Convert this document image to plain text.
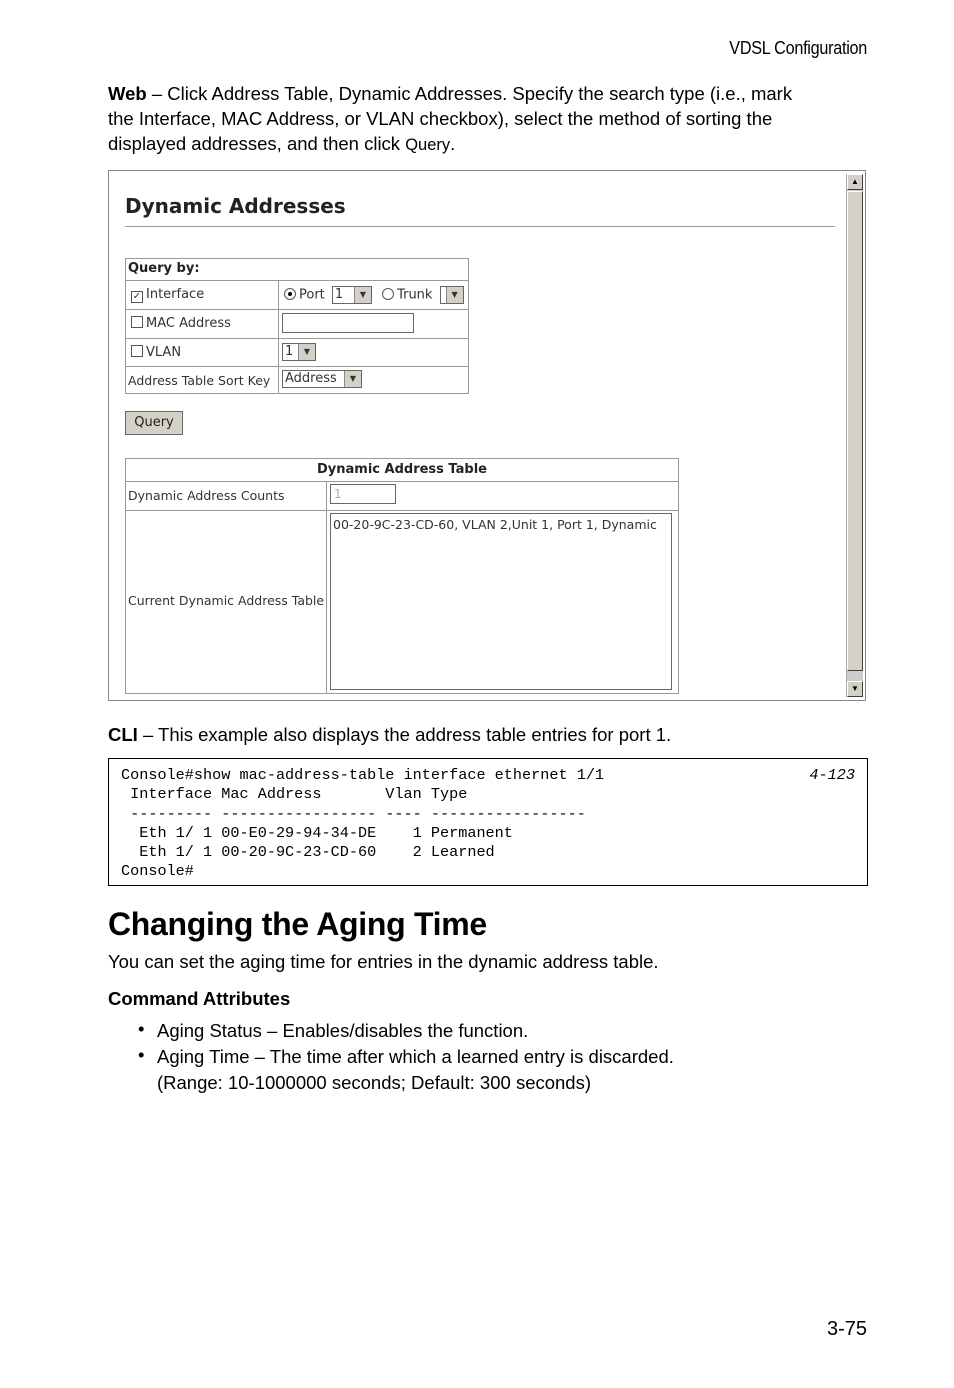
VDSL Configuration
Web – Click Address Table, Dynamic Addresses. Specify the search type (i.e., mark
the Interface, MAC Address, or VLAN checkbox), select the method of sorting the
displayed addresses, and then click Query.
Dynamic Addresses
Query by:
✓ Interface	Port 1	▼	Trunk	▼
MAC Address
VLAN	1	▼
Address Table Sort Key Address	▼
Query
Dynamic Address Table
Dynamic Address Counts	1
Current Dynamic Address Table
00-20-9C-23-CD-60, VLAN 2,Unit 1, Port 1, Dynamic
▲
▼
CLI – This example also displays the address table entries for port 1.
Console#show mac-address-table interface ethernet 1/1
Interface Mac Address       Vlan Type
--------- ----------------- ---- -----------------
Eth 1/ 1 00-E0-29-94-34-DE    1 Permanent
Eth 1/ 1 00-20-9C-23-CD-60    2 Learned
Console#
4-123
Changing the Aging Time
You can set the aging time for entries in the dynamic address table.
Command Attributes
• Aging Status – Enables/disables the function.
• Aging Time – The time after which a learned entry is discarded.
(Range: 10-1000000 seconds; Default: 300 seconds)
3-75
